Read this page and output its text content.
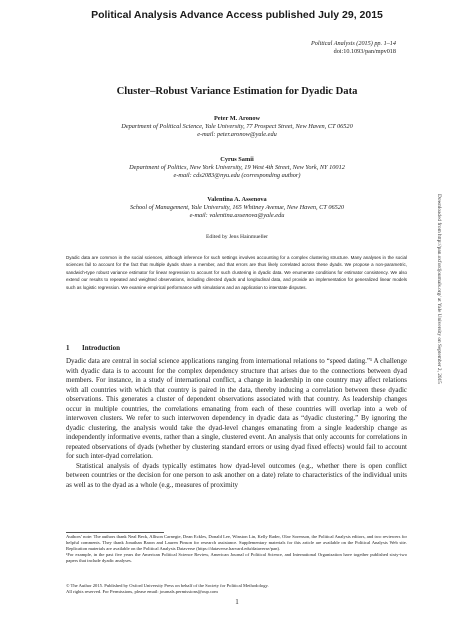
Political Analysis Advance Access published July 29, 2015
Political Analysis (2015) pp. 1–14
doi:10.1093/pan/mpv018
Cluster–Robust Variance Estimation for Dyadic Data
Peter M. Aronow
Department of Political Science, Yale University, 77 Prospect Street, New Haven, CT 06520
e-mail: peter.aronow@yale.edu
Cyrus Samii
Department of Politics, New York University, 19 West 4th Street, New York, NY 10012
e-mail: cds2083@nyu.edu (corresponding author)
Valentina A. Assenova
School of Management, Yale University, 165 Whitney Avenue, New Haven, CT 06520
e-mail: valentina.assenova@yale.edu
Edited by Jens Hainmueller
Dyadic data are common in the social sciences, although inference for such settings involves accounting for a complex clustering structure. Many analyses in the social sciences fail to account for the fact that multiple dyads share a member, and that errors are thus likely correlated across these dyads. We propose a non-parametric, sandwich-type robust variance estimator for linear regression to account for such clustering in dyadic data. We enumerate conditions for estimator consistency. We also extend our results to repeated and weighted observations, including directed dyads and longitudinal data, and provide an implementation for generalized linear models such as logistic regression. We examine empirical performance with simulations and an application to interstate disputes.
1 Introduction

Dyadic data are central in social science applications ranging from international relations to “speed dating.”¹ A challenge with dyadic data is to account for the complex dependency structure that arises due to the connections between dyad members. For instance, in a study of international conflict, a change in leadership in one country may affect relations with all countries with which that country is paired in the data, thereby inducing a correlation between these dyadic observations. This generates a cluster of dependent observations associated with that country. As leadership changes occur in multiple countries, the correlations emanating from each of these countries will overlap into a web of interwoven clusters. We refer to such interwoven dependency in dyadic data as “dyadic clustering.” By ignoring the dyadic clustering, the analysis would take the dyad-level changes emanating from a single leadership change as independently informative events, rather than a single, clustered event. An analysis that only accounts for correlations in repeated observations of dyads (whether by clustering standard errors or using dyad fixed effects) would fail to account for such inter-dyad correlation.

Statistical analysis of dyads typically estimates how dyad-level outcomes (e.g., whether there is open conflict between countries or the decision for one person to ask another on a date) relate to characteristics of the individual units as well as to the dyad as a whole (e.g., measures of proximity

Authors’ note: The authors thank Neal Beck, Allison Carnegie, Dean Eckles, Donald Lee, Winston Lin, Kelly Rader, Olav Sorenson, the Political Analysis editors, and two reviewers for helpful comments. They thank Jonathan Baron and Lauren Pinson for research assistance. Supplementary materials for this article are available on the Political Analysis Web site. Replication materials are available on the Political Analysis Dataverse (https://dataverse.harvard.edu/dataverse/pan).

¹For example, in the past five years the American Political Science Review, American Journal of Political Science, and International Organization have together published sixty-two papers that include dyadic analyses.

© The Author 2015. Published by Oxford University Press on behalf of the Society for Political Methodology.
All rights reserved. For Permissions, please email: journals.permissions@oup.com
1
Downloaded from http://pan.oxfordjournals.org/ at Yale University on September 2, 2015
